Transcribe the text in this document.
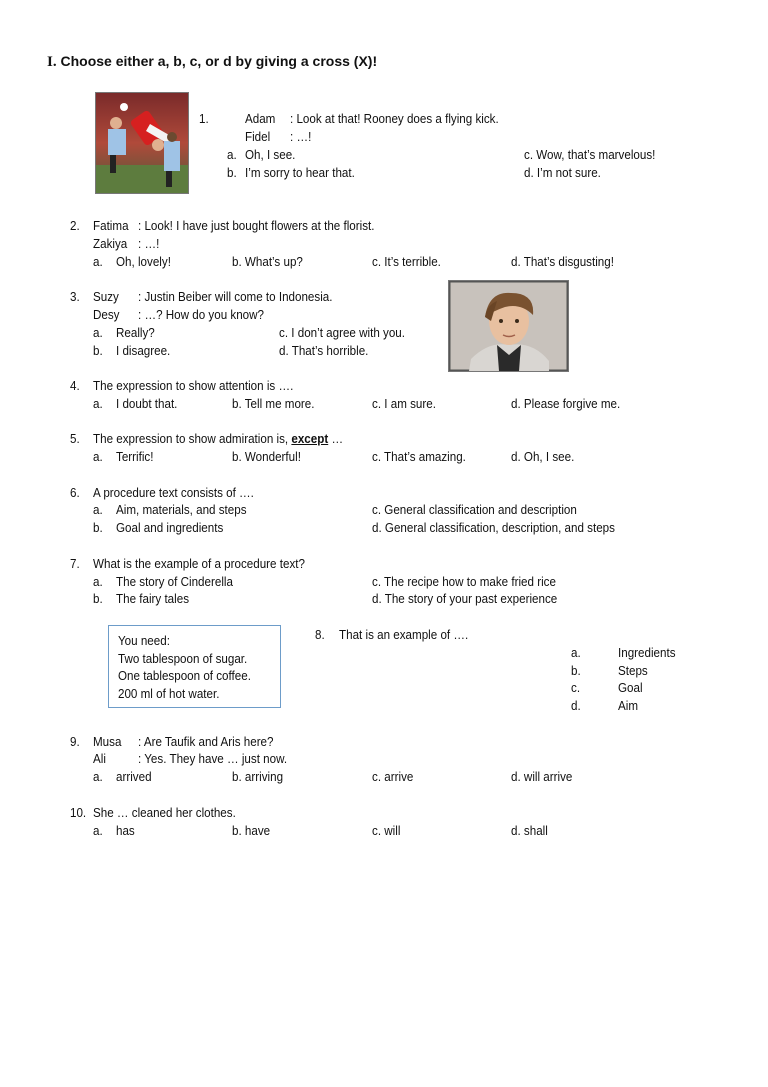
I. Choose either a, b, c, or d by giving a cross (X)!
1.	Adam : Look at that! Rooney does a flying kick.
Fidel : …!
a. Oh, I see.
b. I’m sorry to hear that.
c. Wow, that’s marvelous!
d. I’m not sure.
2. Fatima : Look! I have just bought flowers at the florist.
Zakiya : …!
a. Oh, lovely!	b. What’s up?	c. It’s terrible.	d. That’s disgusting!
3. Suzy : Justin Beiber will come to Indonesia.
Desy : …? How do you know?
a. Really?
b. I disagree.
c. I don’t agree with you.
d. That’s horrible.
4. The expression to show attention is ….
a. I doubt that.	b. Tell me more.	c. I am sure.	d. Please forgive me.
5. The expression to show admiration is, except …
a. Terrific!	b. Wonderful!	c. That’s amazing.	d. Oh, I see.
6. A procedure text consists of ….
a. Aim, materials, and steps
b. Goal and ingredients
c. General classification and description
d. General classification, description, and steps
7. What is the example of a procedure text?
a. The story of Cinderella
b. The fairy tales
c. The recipe how to make fried rice
d. The story of your past experience
You need:
Two tablespoon of sugar.
One tablespoon of coffee.
200 ml of hot water.
8. That is an example of ….
a.	Ingredients
b.	Steps
c.	Goal
d.	Aim
9. Musa : Are Taufik and Aris here?
Ali	: Yes. They have … just now.
a. arrived	b. arriving	c. arrive	d. will arrive
10. She … cleaned her clothes.
a. has	b. have	c. will	d. shall
